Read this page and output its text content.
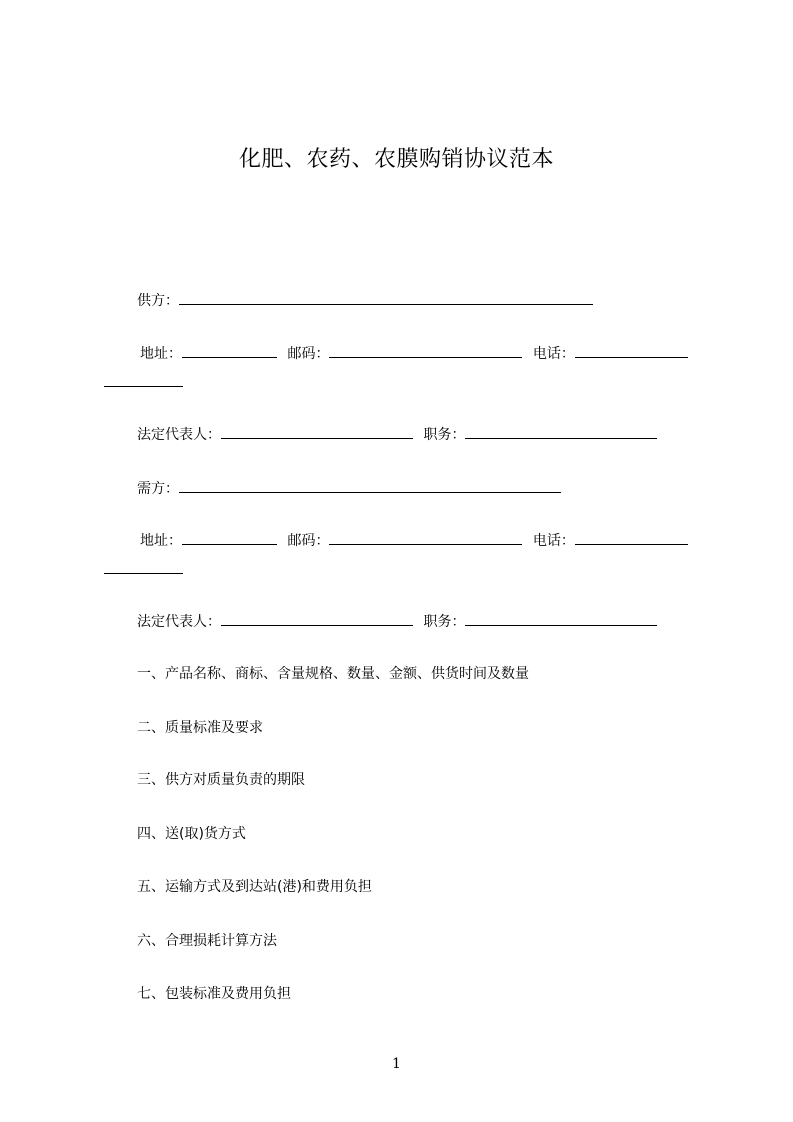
化肥、农药、农膜购销协议范本
供方：
地址：	邮码：	电话：
法定代表人：	职务：
需方：
地址：	邮码：	电话：
法定代表人：	职务：
一、产品名称、商标、含量规格、数量、金额、供货时间及数量
二、质量标准及要求
三、供方对质量负责的期限
四、送(取)货方式
五、运输方式及到达站(港)和费用负担
六、合理损耗计算方法
七、包装标准及费用负担
1
